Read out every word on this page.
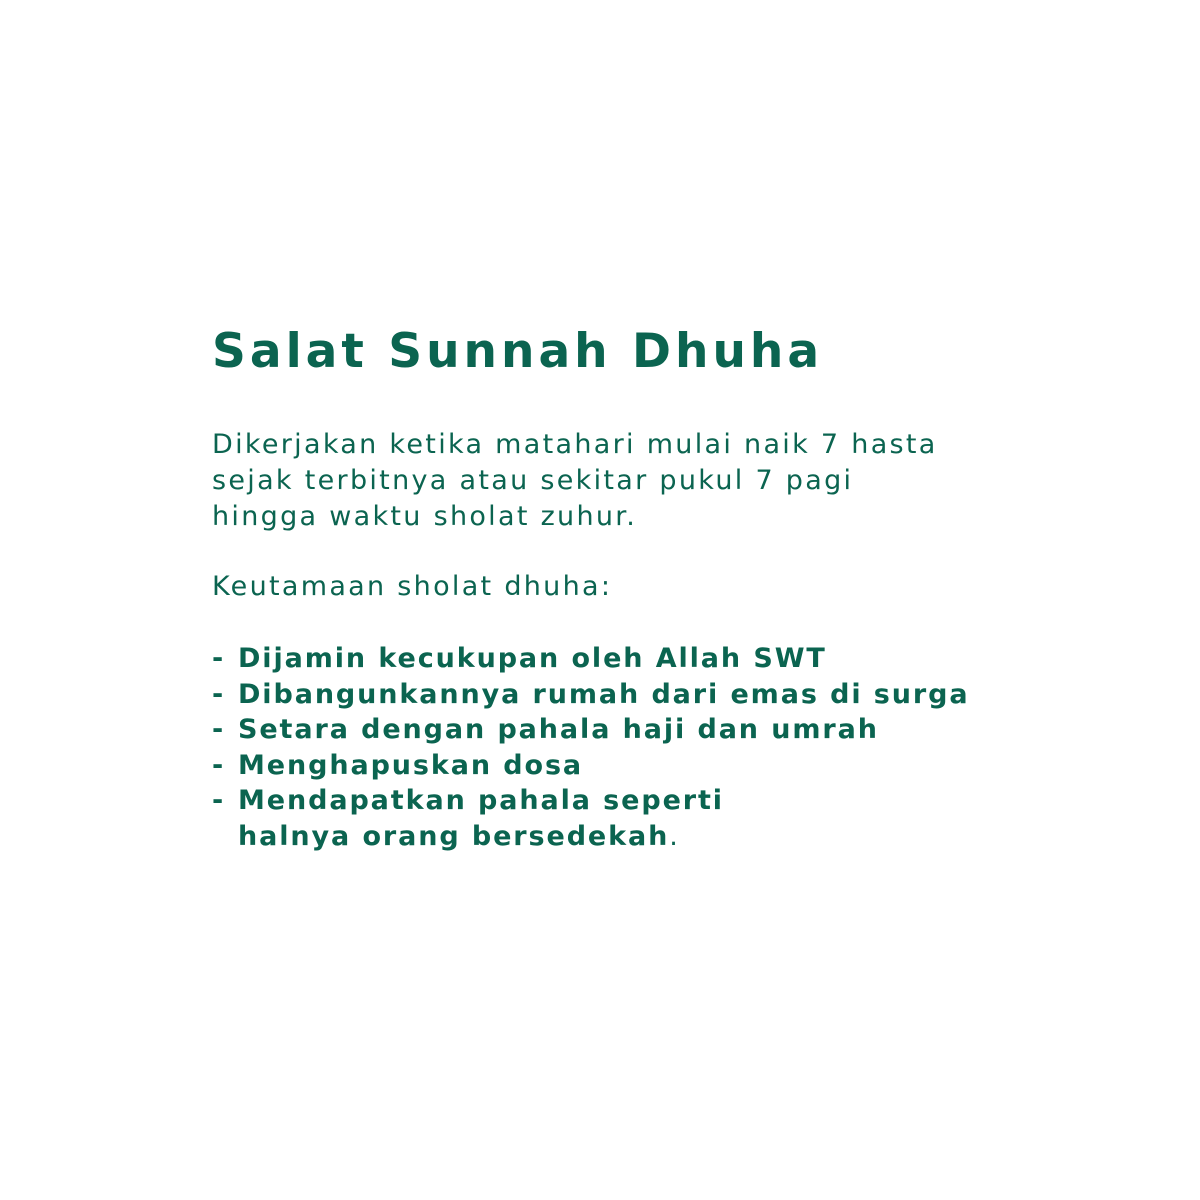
Salat Sunnah Dhuha

Dikerjakan ketika matahari mulai naik 7 hasta
sejak terbitnya atau sekitar pukul 7 pagi
hingga waktu sholat zuhur.

Keutamaan sholat dhuha:

- Dijamin kecukupan oleh Allah SWT
- Dibangunkannya rumah dari emas di surga
- Setara dengan pahala haji dan umrah
- Menghapuskan dosa
- Mendapatkan pahala seperti
halnya orang bersedekah.
